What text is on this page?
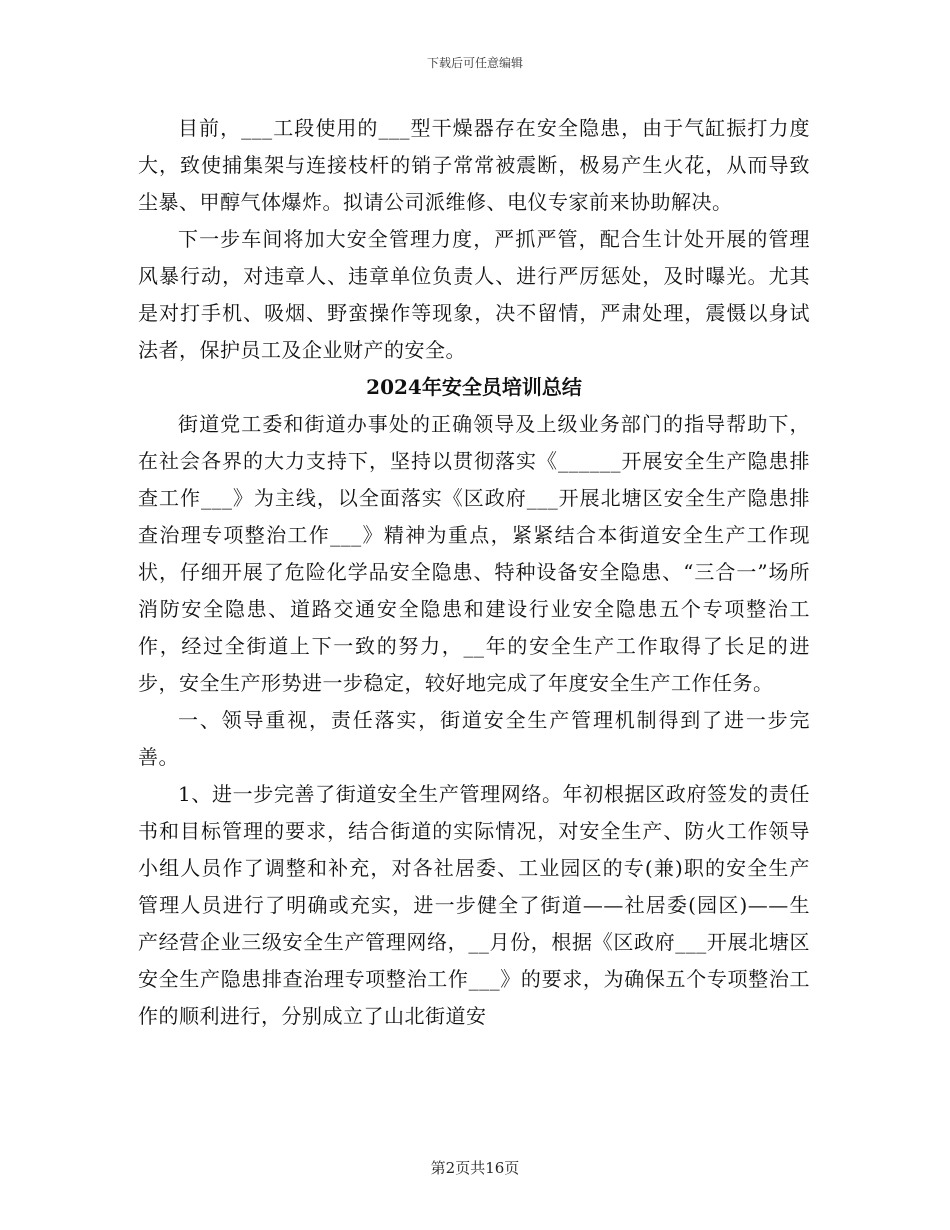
下载后可任意编辑

目前，___工段使用的___型干燥器存在安全隐患，由于气缸振打力度大，致使捕集架与连接枝杆的销子常常被震断，极易产生火花，从而导致尘暴、甲醇气体爆炸。拟请公司派维修、电仪专家前来协助解决。

下一步车间将加大安全管理力度，严抓严管，配合生计处开展的管理风暴行动，对违章人、违章单位负责人、进行严厉惩处，及时曝光。尤其是对打手机、吸烟、野蛮操作等现象，决不留情，严肃处理，震慑以身试法者，保护员工及企业财产的安全。

2024年安全员培训总结

街道党工委和街道办事处的正确领导及上级业务部门的指导帮助下，在社会各界的大力支持下，坚持以贯彻落实《______开展安全生产隐患排查工作___》为主线，以全面落实《区政府___开展北塘区安全生产隐患排查治理专项整治工作___》精神为重点，紧紧结合本街道安全生产工作现状，仔细开展了危险化学品安全隐患、特种设备安全隐患、“三合一”场所消防安全隐患、道路交通安全隐患和建设行业安全隐患五个专项整治工作，经过全街道上下一致的努力，__年的安全生产工作取得了长足的进步，安全生产形势进一步稳定，较好地完成了年度安全生产工作任务。

一、领导重视，责任落实，街道安全生产管理机制得到了进一步完善。

1、进一步完善了街道安全生产管理网络。年初根据区政府签发的责任书和目标管理的要求，结合街道的实际情况，对安全生产、防火工作领导小组人员作了调整和补充，对各社居委、工业园区的专(兼)职的安全生产管理人员进行了明确或充实，进一步健全了街道——社居委(园区)——生产经营企业三级安全生产管理网络，__月份，根据《区政府___开展北塘区安全生产隐患排查治理专项整治工作___》的要求，为确保五个专项整治工作的顺利进行，分别成立了山北街道安

第2页共16页
